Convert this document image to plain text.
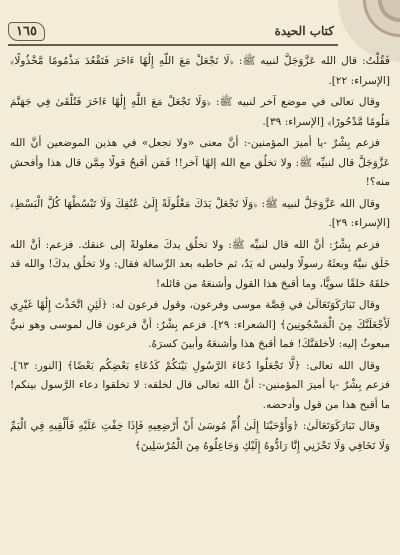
كتاب الحيدة
١٦٥

فَقُلْتُ: قال الله عَزَّوَجَلَّ لنبيه ﷺ: ﴿لَا تَجْعَلْ مَعَ اللَّهِ إِلَٰهًا ءَاخَرَ فَتَقْعُدَ مَذْمُومًا مَّخْذُولًا﴾ [الإسراء: ٢٢].

وقال تعالى في موضع آخر لنبيه ﷺ: ﴿وَلَا تَجْعَلْ مَعَ اللَّهِ إِلَٰهًا ءَاخَرَ فَتُلْقَىٰ فِي جَهَنَّمَ مَلُومًا مَّدْحُورًا﴾ [الإسراء: ٣٩].

فزعم بِشْرٌ -يا أميرَ المؤمنين-: أنَّ معنى «ولا تجعل» في هذين الموضعين أنَّ الله عَزَّوَجَلَّ قال لنبيِّه ﷺ: ولا تخلُق مع الله إلهًا آخر!! فَمَن أقبحُ قولًا مِمَّن قال هذا وأفحش منه؟!

وقال الله عَزَّوَجَلَّ لنبيه ﷺ: ﴿وَلَا تَجْعَلْ يَدَكَ مَغْلُولَةً إِلَىٰ عُنُقِكَ وَلَا تَبْسُطْهَا كُلَّ الْبَسْطِ﴾ [الإسراء: ٢٩].

فزعم بِشْرٌ: أنَّ الله قال لنبيِّه ﷺ: ولا تخلُق يدكَ مغلولةً إلى عنقك. فزعم: أنَّ الله خَلَق نبيَّهُ وبعثَهُ رسولًا وليس له يَدٌ، ثم خاطبه بعد الرِّسالة فقال: ولا تخلُق يدكَ! والله قد خلقَهُ خلقًا سويًّا، وما أقبحَ هذا القول وأشنعَهُ من قائله!

وقال تَبَارَكَوَتَعَالَىٰ في قِصَّة موسى وفرعون، وقول فرعون له: ﴿لَئِنِ اتَّخَذْتَ إِلَٰهًا غَيْرِي لَأَجْعَلَنَّكَ مِنَ الْمَسْجُونِينَ﴾ [الشعراء: ٢٩]. فزعم بِشْرٌ: أنَّ فرعون قال لموسى وهو نبيٌّ مبعوثٌ إليه: لأخلقنَّكَ! فما أقبحَ هذا وأشنعَهُ وأبينَ كسرَهُ.

وقال الله تعالى: ﴿لَّا تَجْعَلُوا دُعَاءَ الرَّسُولِ بَيْنَكُمْ كَدُعَاءِ بَعْضِكُم بَعْضًا﴾ [النور: ٦٣]. فزعم بِشْرٌ -يا أميرَ المؤمنين-: أنَّ الله تعالى قال لخلقه: لا تخلقوا دعاء الرَّسول بينكم! ما أقبح هذا من قول وأدحضه.

وقال تَبَارَكَوَتَعَالَىٰ: ﴿وَأَوْحَيْنَا إِلَىٰ أُمِّ مُوسَىٰ أَنْ أَرْضِعِيهِ فَإِذَا خِفْتِ عَلَيْهِ فَأَلْقِيهِ فِي الْيَمِّ وَلَا تَخَافِي وَلَا تَحْزَنِي إِنَّا رَادُّوهُ إِلَيْكِ وَجَاعِلُوهُ مِنَ الْمُرْسَلِينَ﴾
